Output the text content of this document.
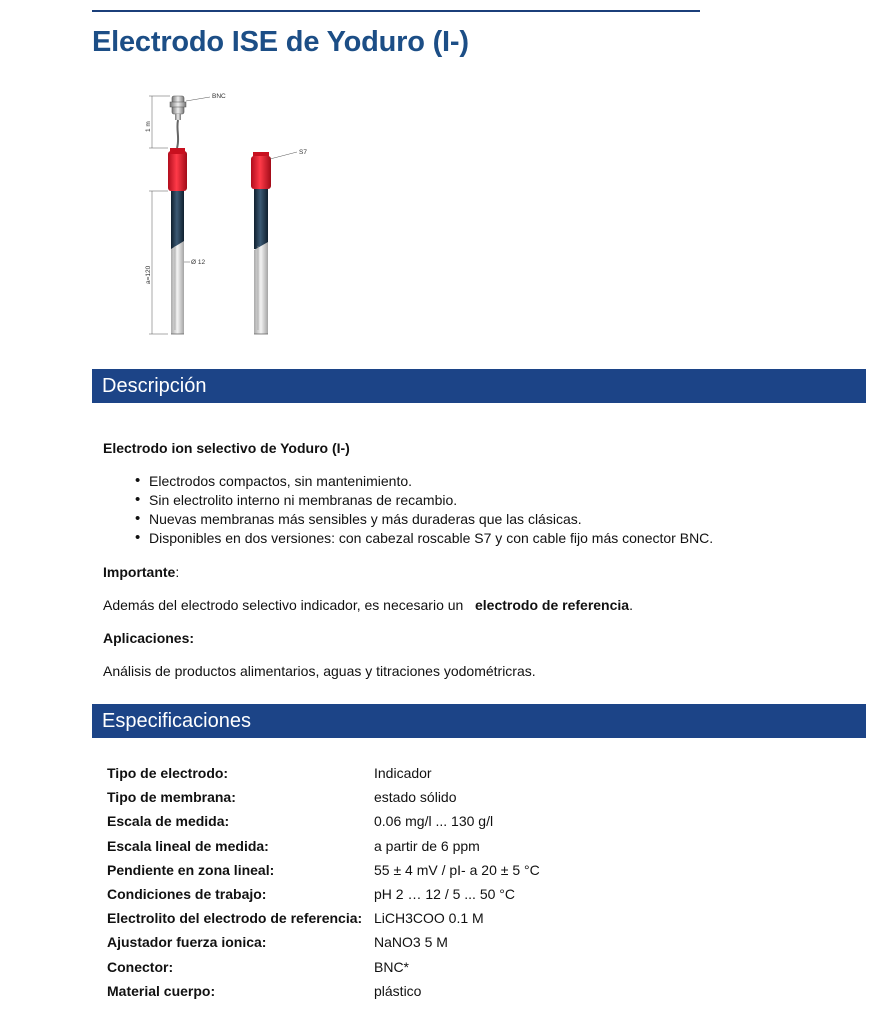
Electrodo ISE de Yoduro (I-)
BNC
S7
Ø 12
1 m
a=120
Descripción

Electrodo ion selectivo de Yoduro (I-)

• Electrodos compactos, sin mantenimiento.
• Sin electrolito interno ni membranas de recambio.
• Nuevas membranas más sensibles y más duraderas que las clásicas.
• Disponibles en dos versiones: con cabezal roscable S7 y con cable fijo más conector BNC.

Importante:

Además del electrodo selectivo indicador, es necesario un electrodo de referencia.

Aplicaciones:

Análisis de productos alimentarios, aguas y titraciones yodométricras.

Especificaciones
Tipo de electrodo:	Indicador
Tipo de membrana:	estado sólido
Escala de medida:	0.06 mg/l ... 130 g/l
Escala lineal de medida:	a partir de 6 ppm
Pendiente en zona lineal:	55 ± 4 mV / pI- a 20 ± 5 °C
Condiciones de trabajo:	pH 2 … 12 / 5 ... 50 °C
Electrolito del electrodo de referencia:	LiCH3COO 0.1 M
Ajustador fuerza ionica:	NaNO3 5 M
Conector:	BNC*
Material cuerpo:	plástico
